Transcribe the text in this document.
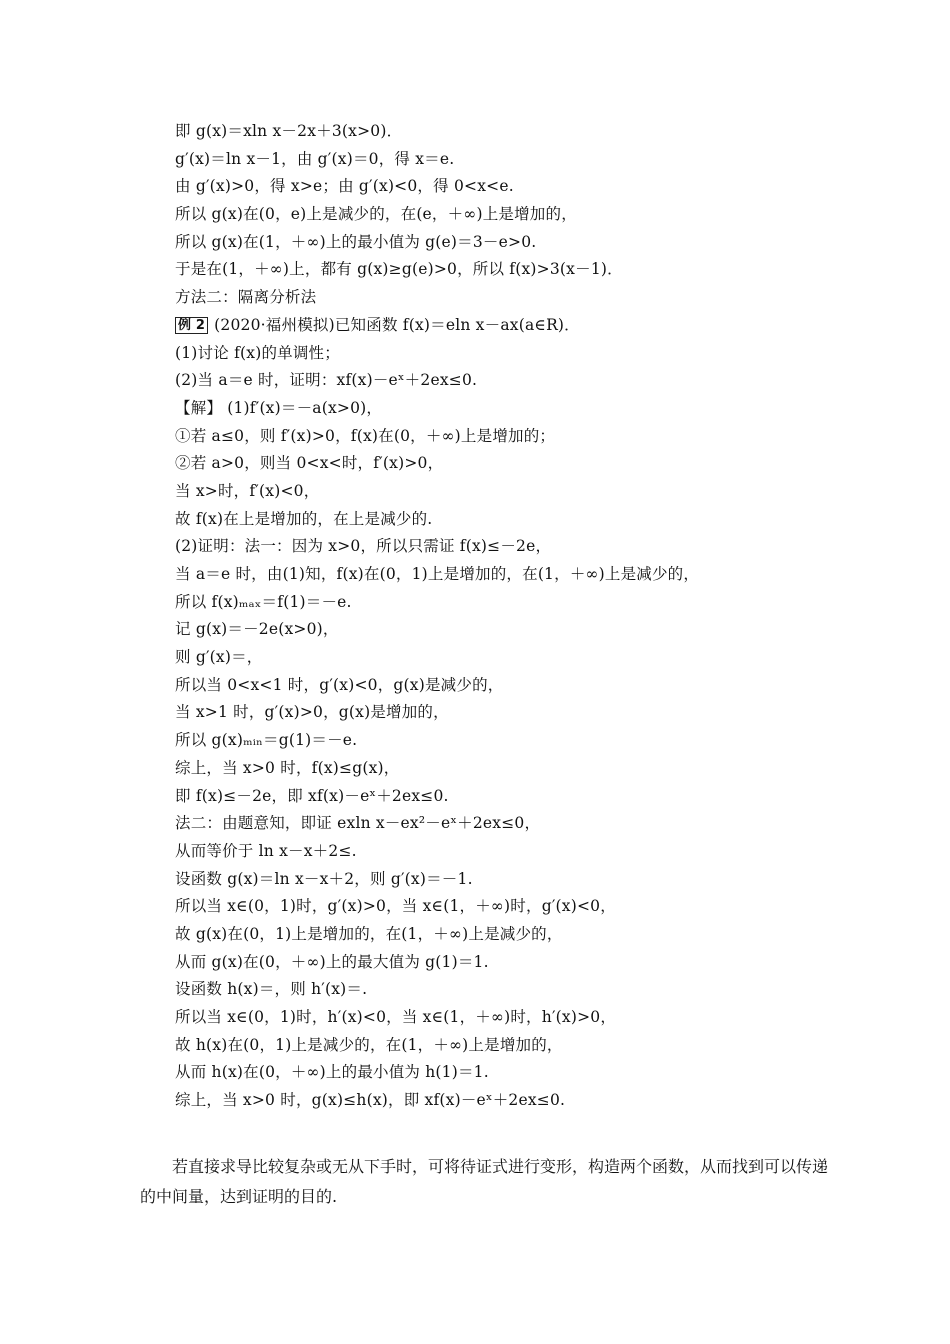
即 g(x)＝xln x－2x＋3(x>0)．
g′(x)＝ln x－1，由 g′(x)＝0，得 x＝e.
由 g′(x)>0，得 x>e；由 g′(x)<0，得 0<x<e.
所以 g(x)在(0，e)上是减少的，在(e，＋∞)上是增加的，
所以 g(x)在(1，＋∞)上的最小值为 g(e)＝3－e>0.
于是在(1，＋∞)上，都有 g(x)≥g(e)>0，所以 f(x)>3(x－1)．
方法二：隔离分析法
例 2 (2020·福州模拟)已知函数 f(x)＝eln x－ax(a∈R)．
(1)讨论 f(x)的单调性；
(2)当 a＝e 时，证明：xf(x)－eˣ＋2ex≤0.
【解】 (1)f′(x)＝－a(x>0)，
①若 a≤0，则 f′(x)>0，f(x)在(0，＋∞)上是增加的；
②若 a>0，则当 0<x<时，f′(x)>0，
当 x>时，f′(x)<0，
故 f(x)在上是增加的，在上是减少的.
(2)证明：法一：因为 x>0，所以只需证 f(x)≤－2e，
当 a＝e 时，由(1)知，f(x)在(0，1)上是增加的，在(1，＋∞)上是减少的，
所以 f(x)ₘₐₓ＝f(1)＝－e.
记 g(x)＝－2e(x>0)，
则 g′(x)＝，
所以当 0<x<1 时，g′(x)<0，g(x)是减少的，
当 x>1 时，g′(x)>0，g(x)是增加的，
所以 g(x)ₘᵢₙ＝g(1)＝－e.
综上，当 x>0 时，f(x)≤g(x)，
即 f(x)≤－2e，即 xf(x)－eˣ＋2ex≤0.
法二：由题意知，即证 exln x－ex²－eˣ＋2ex≤0，
从而等价于 ln x－x＋2≤.
设函数 g(x)＝ln x－x＋2，则 g′(x)＝－1.
所以当 x∈(0，1)时，g′(x)>0，当 x∈(1，＋∞)时，g′(x)<0，
故 g(x)在(0，1)上是增加的，在(1，＋∞)上是减少的，
从而 g(x)在(0，＋∞)上的最大值为 g(1)＝1.
设函数 h(x)＝，则 h′(x)＝.
所以当 x∈(0，1)时，h′(x)<0，当 x∈(1，＋∞)时，h′(x)>0，
故 h(x)在(0，1)上是减少的，在(1，＋∞)上是增加的，
从而 h(x)在(0，＋∞)上的最小值为 h(1)＝1.
综上，当 x>0 时，g(x)≤h(x)，即 xf(x)－eˣ＋2ex≤0.
若直接求导比较复杂或无从下手时，可将待证式进行变形，构造两个函数，从而找到可以传递的中间量，达到证明的目的.
